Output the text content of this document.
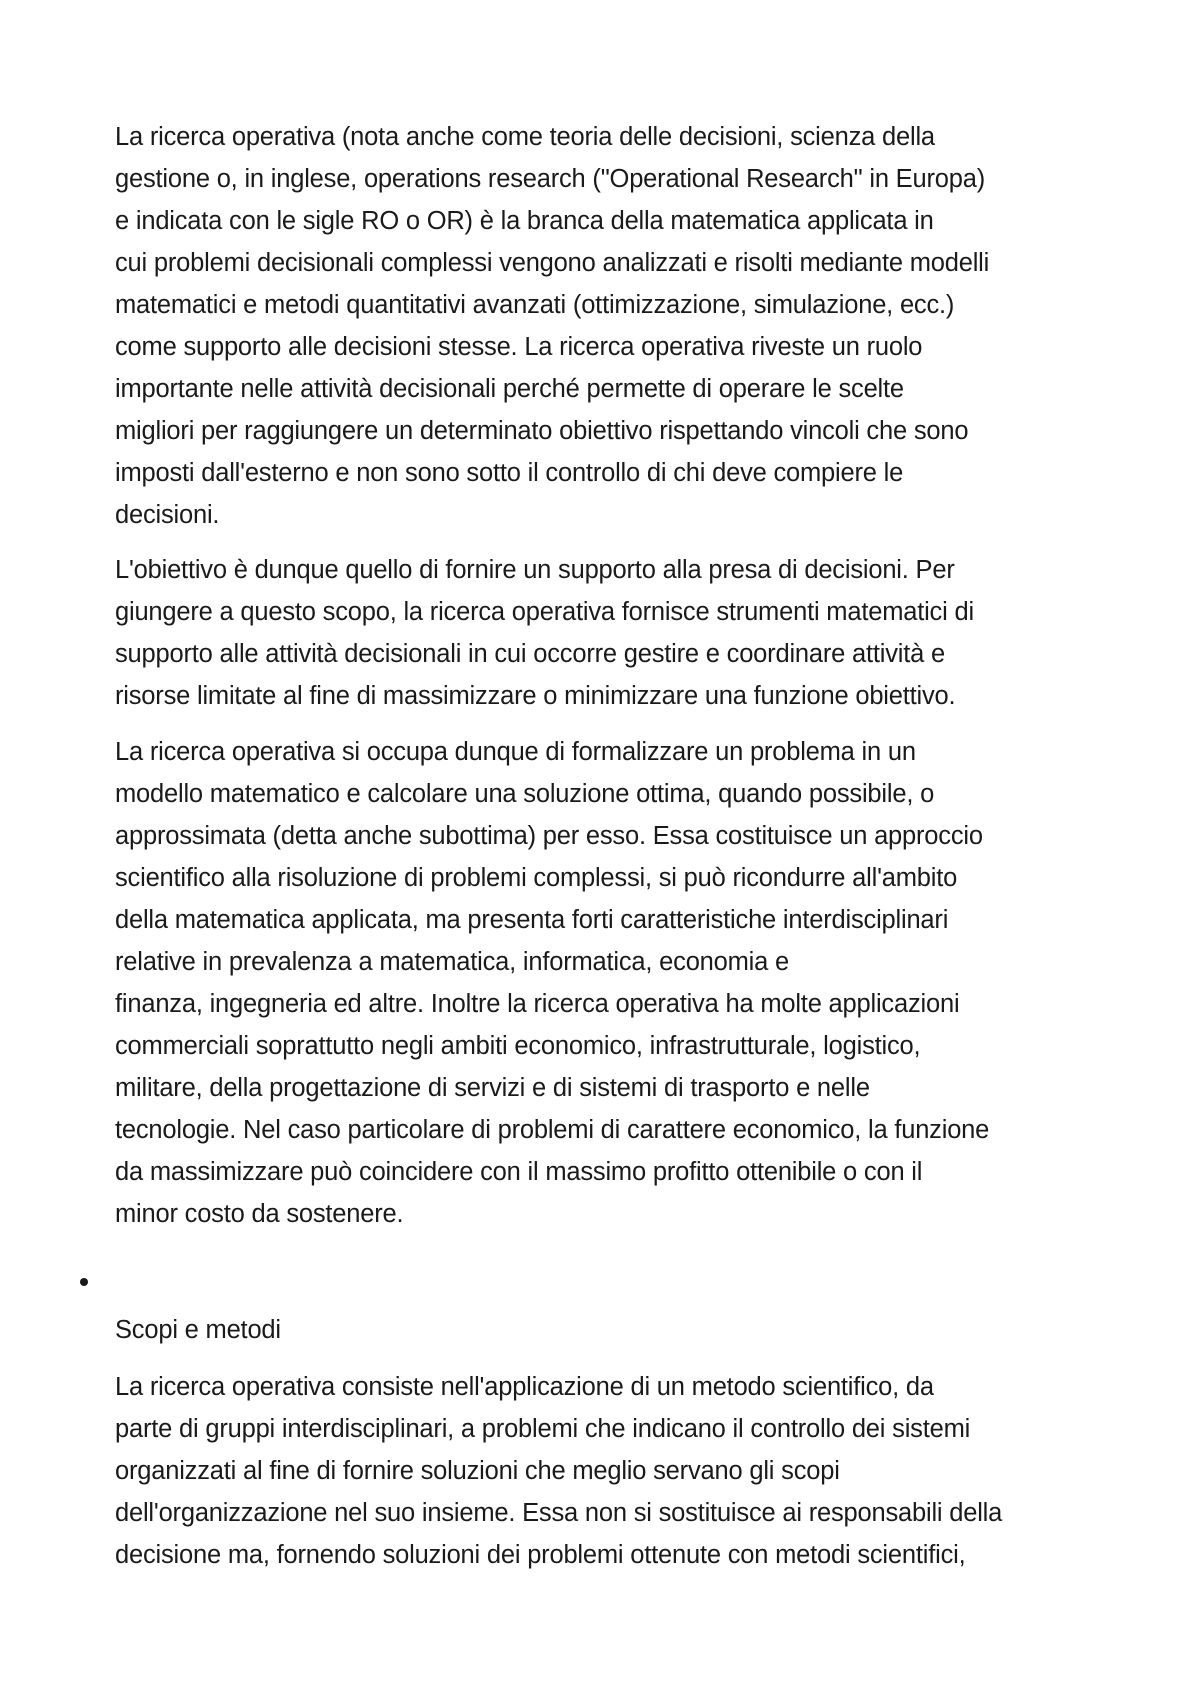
La ricerca operativa (nota anche come teoria delle decisioni, scienza della
gestione o, in inglese, operations research ("Operational Research" in Europa)
e indicata con le sigle RO o OR) è la branca della matematica applicata in
cui problemi decisionali complessi vengono analizzati e risolti mediante modelli
matematici e metodi quantitativi avanzati (ottimizzazione, simulazione, ecc.)
come supporto alle decisioni stesse. La ricerca operativa riveste un ruolo
importante nelle attività decisionali perché permette di operare le scelte
migliori per raggiungere un determinato obiettivo rispettando vincoli che sono
imposti dall'esterno e non sono sotto il controllo di chi deve compiere le
decisioni.
L'obiettivo è dunque quello di fornire un supporto alla presa di decisioni. Per
giungere a questo scopo, la ricerca operativa fornisce strumenti matematici di
supporto alle attività decisionali in cui occorre gestire e coordinare attività e
risorse limitate al fine di massimizzare o minimizzare una funzione obiettivo.
La ricerca operativa si occupa dunque di formalizzare un problema in un
modello matematico e calcolare una soluzione ottima, quando possibile, o
approssimata (detta anche subottima) per esso. Essa costituisce un approccio
scientifico alla risoluzione di problemi complessi, si può ricondurre all'ambito
della matematica applicata, ma presenta forti caratteristiche interdisciplinari
relative in prevalenza a matematica, informatica, economia e
finanza, ingegneria ed altre. Inoltre la ricerca operativa ha molte applicazioni
commerciali soprattutto negli ambiti economico, infrastrutturale, logistico,
militare, della progettazione di servizi e di sistemi di trasporto e nelle
tecnologie. Nel caso particolare di problemi di carattere economico, la funzione
da massimizzare può coincidere con il massimo profitto ottenibile o con il
minor costo da sostenere.
Scopi e metodi
La ricerca operativa consiste nell'applicazione di un metodo scientifico, da
parte di gruppi interdisciplinari, a problemi che indicano il controllo dei sistemi
organizzati al fine di fornire soluzioni che meglio servano gli scopi
dell'organizzazione nel suo insieme. Essa non si sostituisce ai responsabili della
decisione ma, fornendo soluzioni dei problemi ottenute con metodi scientifici,
